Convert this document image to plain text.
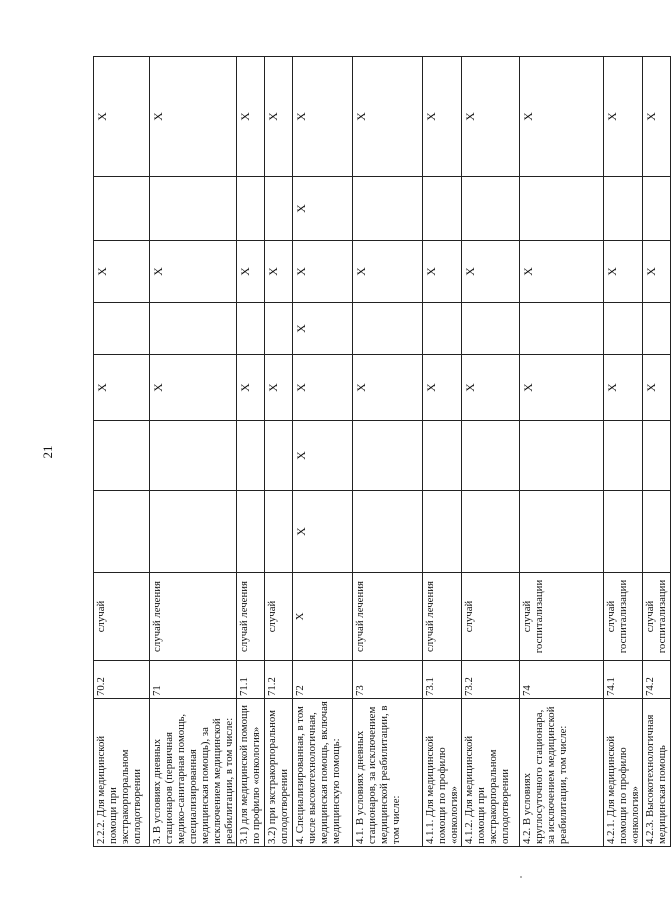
21
2.2.2. Для медицинской помощи при экстракорпоральном оплодотворении	70.2	случай			X		X		X
3. В условиях дневных стационаров (первичная медико-санитарная помощь, специализированная медицинская помощь), за исключением медицинской реабилитации, в том числе:	71	случай лечения			X		X		X
3.1) для медицинской помощи по профилю «онкология»	71.1	случай лечения			X		X		X
3.2) при экстракорпоральном оплодотворении	71.2	случай			X		X		X
4. Специализированная, в том числе высокотехнологичная, медицинская помощь, включая медицинскую помощь:	72	X	X	X	X	X	X	X	X
4.1. В условиях дневных стационаров, за исключением медицинской реабилитации, в том числе:	73	случай лечения			X		X		X
4.1.1. Для медицинской помощи по профилю «онкология»	73.1	случай лечения			X		X		X
4.1.2. Для медицинской помощи при экстракорпоральном оплодотворении	73.2	случай			X		X		X
4.2. В условиях круглосуточного стационара, за исключением медицинской реабилитации, том числе:	74	случай госпитализации			X		X		X
4.2.1. Для медицинской помощи по профилю «онкология»	74.1	случай госпитализации			X		X		X
4.2.3. Высокотехнологичная медицинская помощь	74.2	случай госпитализации			X		X		X
